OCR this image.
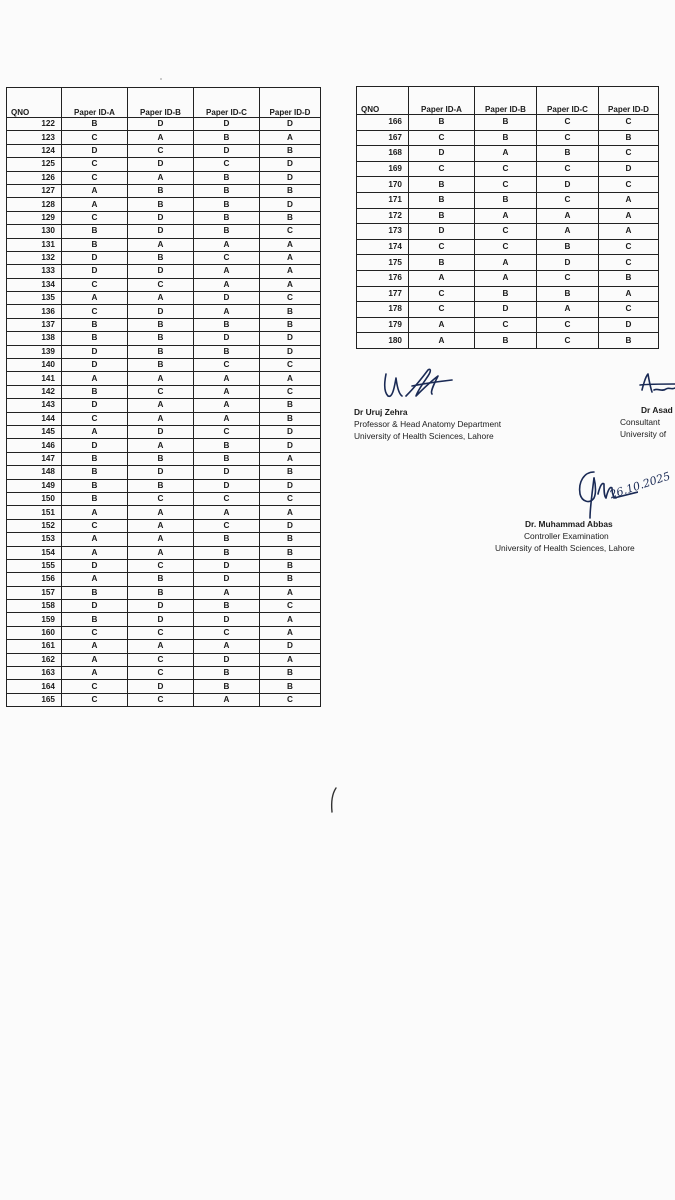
QNO	Paper ID-A	Paper ID-B	Paper ID-C	Paper ID-D
122	B	D	D	D
123	C	A	B	A
124	D	C	D	B
125	C	D	C	D
126	C	A	B	D
127	A	B	B	B
128	A	B	B	D
129	C	D	B	B
130	B	D	B	C
131	B	A	A	A
132	D	B	C	A
133	D	D	A	A
134	C	C	A	A
135	A	A	D	C
136	C	D	A	B
137	B	B	B	B
138	B	B	D	D
139	D	B	B	D
140	D	B	C	C
141	A	A	A	A
142	B	C	A	C
143	D	A	A	B
144	C	A	A	B
145	A	D	C	D
146	D	A	B	D
147	B	B	B	A
148	B	D	D	B
149	B	B	D	D
150	B	C	C	C
151	A	A	A	A
152	C	A	C	D
153	A	A	B	B
154	A	A	B	B
155	D	C	D	B
156	A	B	D	B
157	B	B	A	A
158	D	D	B	C
159	B	D	D	A
160	C	C	C	A
161	A	A	A	D
162	A	C	D	A
163	A	C	B	B
164	C	D	B	B
165	C	C	A	C
QNO	Paper ID-A	Paper ID-B	Paper ID-C	Paper ID-D
166	B	B	C	C
167	C	B	C	B
168	D	A	B	C
169	C	C	C	D
170	B	C	D	C
171	B	B	C	A
172	B	A	A	A
173	D	C	A	A
174	C	C	B	C
175	B	A	D	C
176	A	A	C	B
177	C	B	B	A
178	C	D	A	C
179	A	C	C	D
180	A	B	C	B
Dr Uruj Zehra
Professor & Head Anatomy Department
University of Health Sciences, Lahore
Dr Asad
Consultant
University of
26.10.2025
Dr. Muhammad Abbas
Controller Examination
University of Health Sciences, Lahore
